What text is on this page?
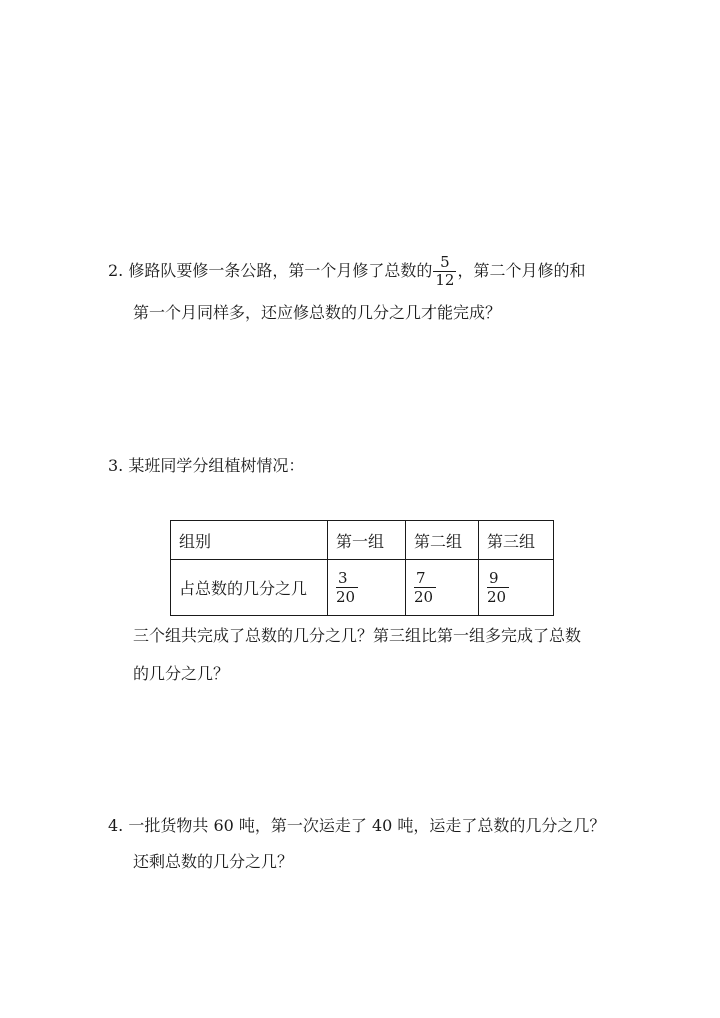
2. 修路队要修一条公路，第一个月修了总数的 $\frac{5}{12}$ ，第二个月修的和
第一个月同样多，还应修总数的几分之几才能完成？
3. 某班同学分组植树情况：
组别	第一组	第二组	第三组
占总数的几分之几	$\frac{3}{20}$	$\frac{7}{20}$	$\frac{9}{20}$
三个组共完成了总数的几分之几？第三组比第一组多完成了总数
的几分之几？
4. 一批货物共 60 吨，第一次运走了 40 吨，运走了总数的几分之几？
还剩总数的几分之几？
